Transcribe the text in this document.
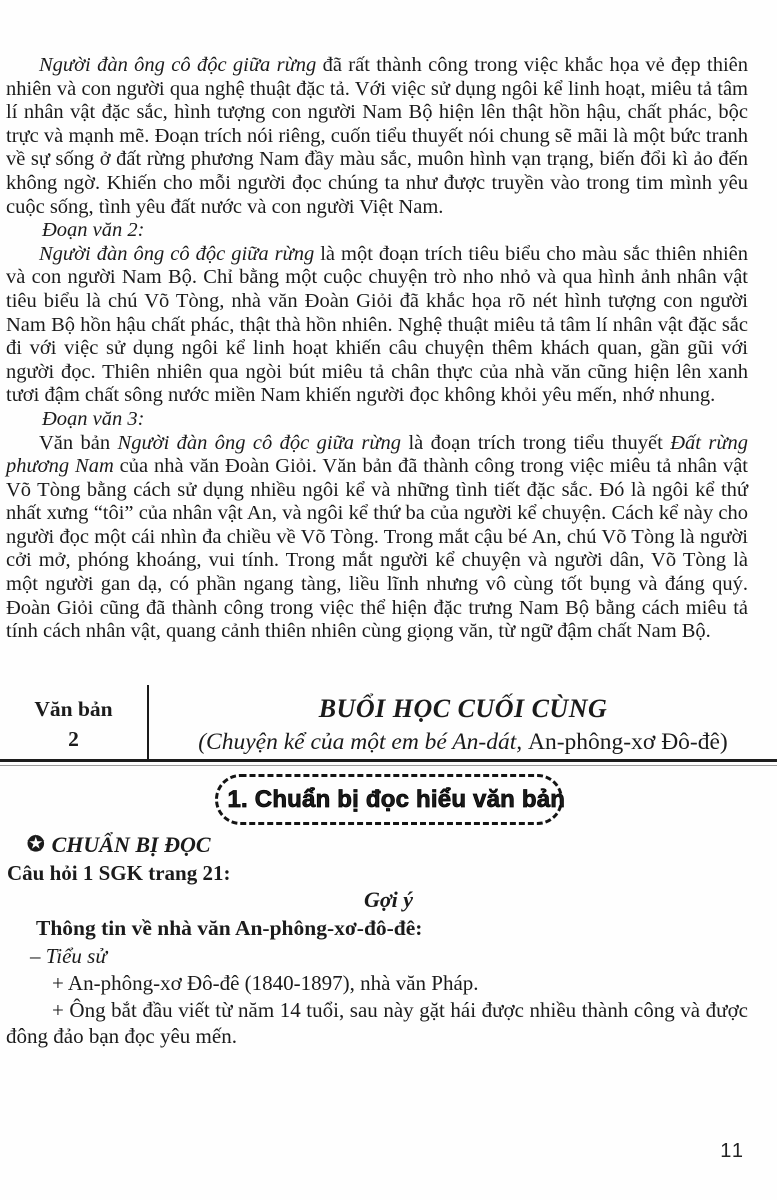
Người đàn ông cô độc giữa rừng đã rất thành công trong việc khắc họa vẻ đẹp thiên nhiên và con người qua nghệ thuật đặc tả. Với việc sử dụng ngôi kể linh hoạt, miêu tả tâm lí nhân vật đặc sắc, hình tượng con người Nam Bộ hiện lên thật hồn hậu, chất phác, bộc trực và mạnh mẽ. Đoạn trích nói riêng, cuốn tiểu thuyết nói chung sẽ mãi là một bức tranh về sự sống ở đất rừng phương Nam đầy màu sắc, muôn hình vạn trạng, biến đổi kì ảo đến không ngờ. Khiến cho mỗi người đọc chúng ta như được truyền vào trong tim mình yêu cuộc sống, tình yêu đất nước và con người Việt Nam.

Đoạn văn 2:

Người đàn ông cô độc giữa rừng là một đoạn trích tiêu biểu cho màu sắc thiên nhiên và con người Nam Bộ. Chỉ bằng một cuộc chuyện trò nho nhỏ và qua hình ảnh nhân vật tiêu biểu là chú Võ Tòng, nhà văn Đoàn Giỏi đã khắc họa rõ nét hình tượng con người Nam Bộ hồn hậu chất phác, thật thà hồn nhiên. Nghệ thuật miêu tả tâm lí nhân vật đặc sắc đi với việc sử dụng ngôi kể linh hoạt khiến câu chuyện thêm khách quan, gần gũi với người đọc. Thiên nhiên qua ngòi bút miêu tả chân thực của nhà văn cũng hiện lên xanh tươi đậm chất sông nước miền Nam khiến người đọc không khỏi yêu mến, nhớ nhung.

Đoạn văn 3:

Văn bản Người đàn ông cô độc giữa rừng là đoạn trích trong tiểu thuyết Đất rừng phương Nam của nhà văn Đoàn Giỏi. Văn bản đã thành công trong việc miêu tả nhân vật Võ Tòng bằng cách sử dụng nhiều ngôi kể và những tình tiết đặc sắc. Đó là ngôi kể thứ nhất xưng “tôi” của nhân vật An, và ngôi kể thứ ba của người kể chuyện. Cách kể này cho người đọc một cái nhìn đa chiều về Võ Tòng. Trong mắt cậu bé An, chú Võ Tòng là người cởi mở, phóng khoáng, vui tính. Trong mắt người kể chuyện và người dân, Võ Tòng là một người gan dạ, có phần ngang tàng, liều lĩnh nhưng vô cùng tốt bụng và đáng quý. Đoàn Giỏi cũng đã thành công trong việc thể hiện đặc trưng Nam Bộ bằng cách miêu tả tính cách nhân vật, quang cảnh thiên nhiên cùng giọng văn, từ ngữ đậm chất Nam Bộ.

Văn bản
2
BUỔI HỌC CUỐI CÙNG
(Chuyện kể của một em bé An-dát, An-phông-xơ Đô-đê)
1. Chuẩn bị đọc hiểu văn bản
✪ CHUẨN BỊ ĐỌC
Câu hỏi 1 SGK trang 21:
Gợi ý
Thông tin về nhà văn An-phông-xơ-đô-đê:
– Tiểu sử
+ An-phông-xơ Đô-đê (1840-1897), nhà văn Pháp.
+ Ông bắt đầu viết từ năm 14 tuổi, sau này gặt hái được nhiều thành công và được đông đảo bạn đọc yêu mến.
11
